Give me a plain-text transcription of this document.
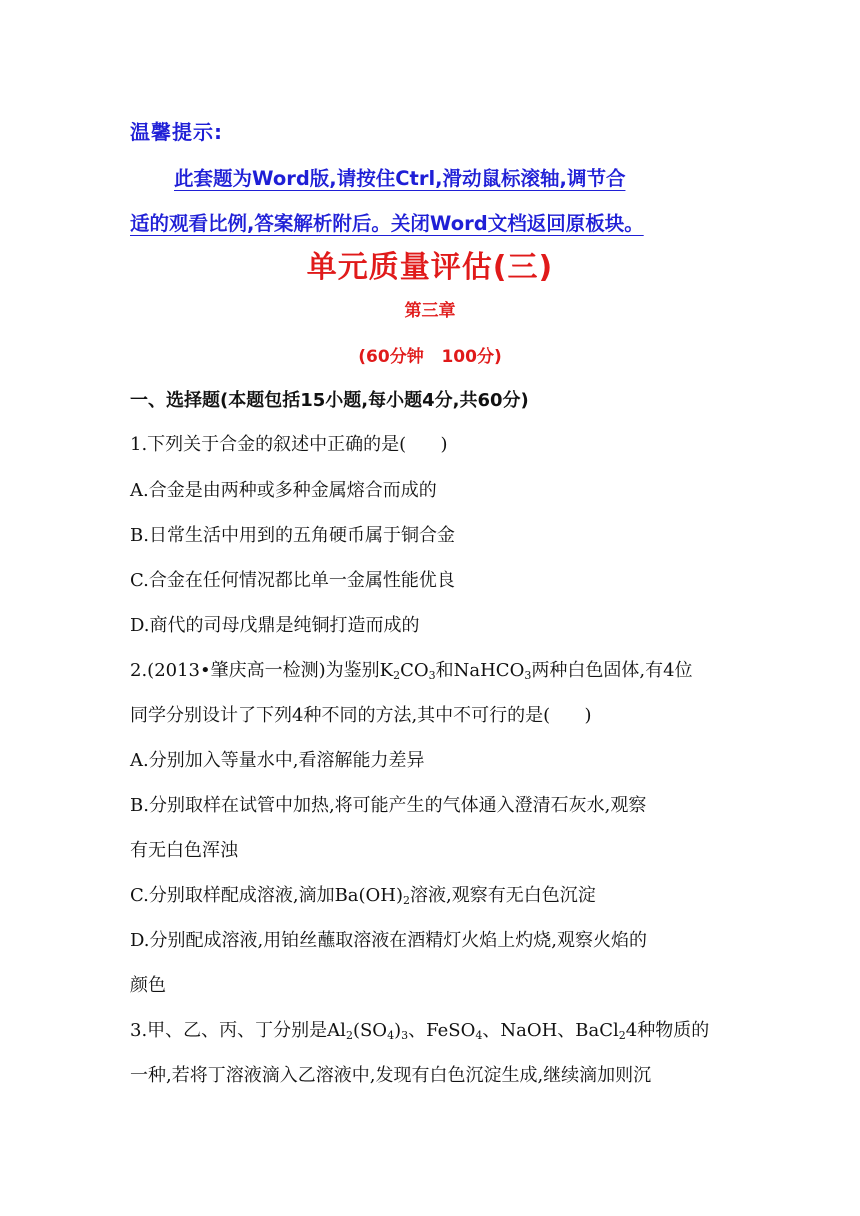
温馨提示:
此套题为Word版,请按住Ctrl,滑动鼠标滚轴,调节合
适的观看比例,答案解析附后。关闭Word文档返回原板块。
单元质量评估(三)
第三章
(60分钟   100分)
一、选择题(本题包括15小题,每小题4分,共60分)
1.下列关于合金的叙述中正确的是(      )
A.合金是由两种或多种金属熔合而成的
B.日常生活中用到的五角硬币属于铜合金
C.合金在任何情况都比单一金属性能优良
D.商代的司母戊鼎是纯铜打造而成的
2.(2013•肇庆高一检测)为鉴别$K_2CO_3$和NaHCO$_3$两种白色固体,有4位
同学分别设计了下列4种不同的方法,其中不可行的是(      )
A.分别加入等量水中,看溶解能力差异
B.分别取样在试管中加热,将可能产生的气体通入澄清石灰水,观察
有无白色浑浊
C.分别取样配成溶液,滴加$Ba(OH)_2$溶液,观察有无白色沉淀
D.分别配成溶液,用铂丝蘸取溶液在酒精灯火焰上灼烧,观察火焰的
颜色
3.甲、乙、丙、丁分别是$Al_2(SO_4)_3$、FeSO$_4$、NaOH、BaCl$_2$4种物质的
一种,若将丁溶液滴入乙溶液中,发现有白色沉淀生成,继续滴加则沉
